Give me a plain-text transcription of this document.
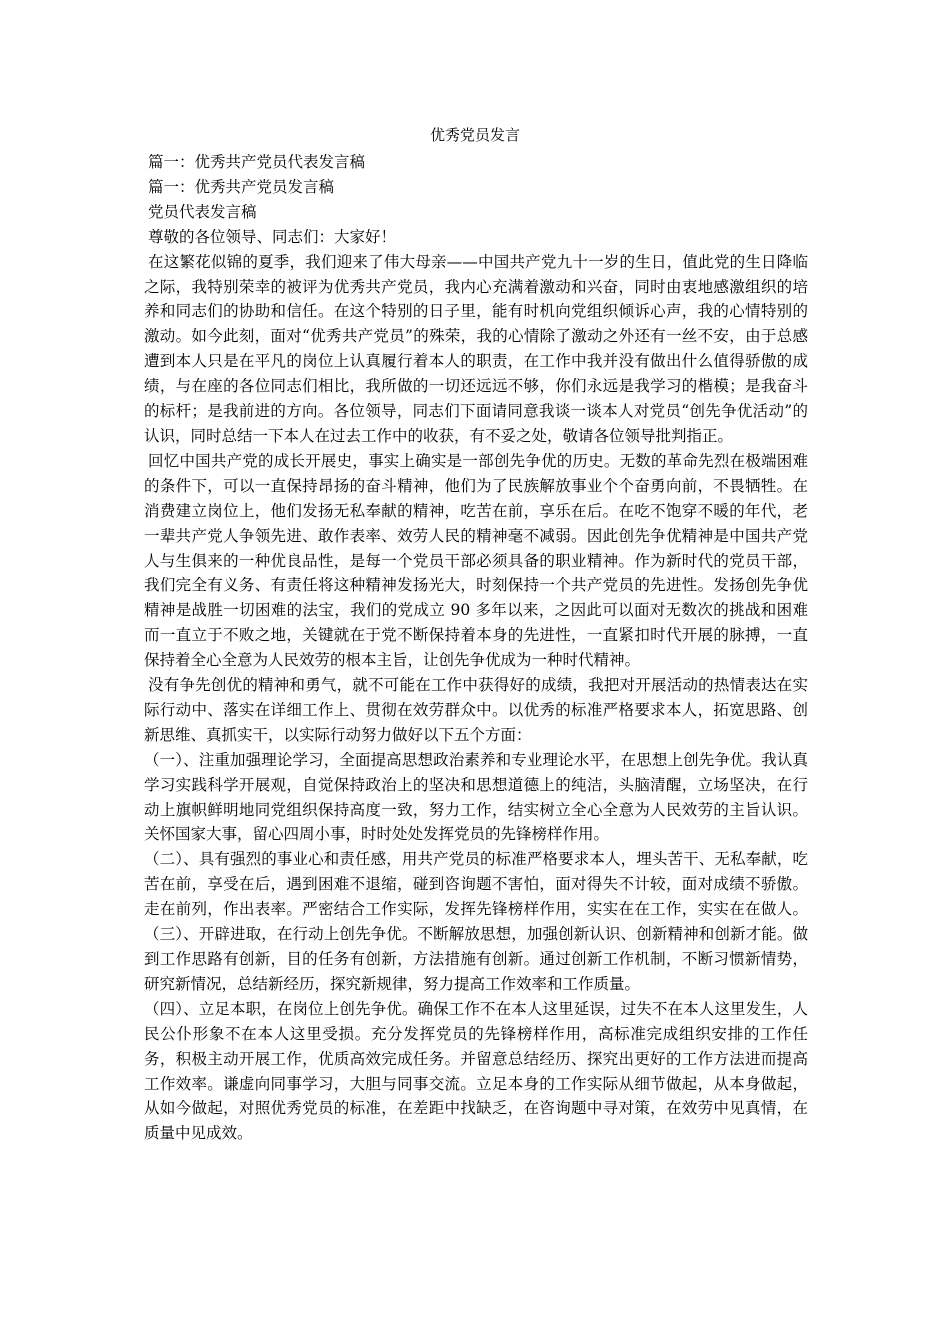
优秀党员发言

篇一：优秀共产党员代表发言稿

篇一：优秀共产党员发言稿

党员代表发言稿

尊敬的各位领导、同志们：大家好！

在这繁花似锦的夏季，我们迎来了伟大母亲——中国共产党九十一岁的生日，值此党的生日降临之际，我特别荣幸的被评为优秀共产党员，我内心充满着激动和兴奋，同时由衷地感激组织的培养和同志们的协助和信任。在这个特别的日子里，能有时机向党组织倾诉心声，我的心情特别的激动。如今此刻，面对“优秀共产党员”的殊荣，我的心情除了激动之外还有一丝不安，由于总感遭到本人只是在平凡的岗位上认真履行着本人的职责，在工作中我并没有做出什么值得骄傲的成绩，与在座的各位同志们相比，我所做的一切还远远不够，你们永远是我学习的楷模；是我奋斗的标杆；是我前进的方向。各位领导，同志们下面请同意我谈一谈本人对党员“创先争优活动”的认识，同时总结一下本人在过去工作中的收获，有不妥之处，敬请各位领导批判指正。

回忆中国共产党的成长开展史，事实上确实是一部创先争优的历史。无数的革命先烈在极端困难的条件下，可以一直保持昂扬的奋斗精神，他们为了民族解放事业个个奋勇向前，不畏牺牲。在消费建立岗位上，他们发扬无私奉献的精神，吃苦在前，享乐在后。在吃不饱穿不暖的年代，老一辈共产党人争领先进、敢作表率、效劳人民的精神毫不减弱。因此创先争优精神是中国共产党人与生俱来的一种优良品性，是每一个党员干部必须具备的职业精神。作为新时代的党员干部，我们完全有义务、有责任将这种精神发扬光大，时刻保持一个共产党员的先进性。发扬创先争优精神是战胜一切困难的法宝，我们的党成立 90 多年以来，之因此可以面对无数次的挑战和困难而一直立于不败之地，关键就在于党不断保持着本身的先进性，一直紧扣时代开展的脉搏，一直保持着全心全意为人民效劳的根本主旨，让创先争优成为一种时代精神。

没有争先创优的精神和勇气，就不可能在工作中获得好的成绩，我把对开展活动的热情表达在实际行动中、落实在详细工作上、贯彻在效劳群众中。以优秀的标准严格要求本人，拓宽思路、创新思维、真抓实干，以实际行动努力做好以下五个方面：

（一）、注重加强理论学习，全面提高思想政治素养和专业理论水平，在思想上创先争优。我认真学习实践科学开展观，自觉保持政治上的坚决和思想道德上的纯洁，头脑清醒，立场坚决，在行动上旗帜鲜明地同党组织保持高度一致，努力工作，结实树立全心全意为人民效劳的主旨认识。关怀国家大事，留心四周小事，时时处处发挥党员的先锋榜样作用。

（二）、具有强烈的事业心和责任感，用共产党员的标准严格要求本人，埋头苦干、无私奉献，吃苦在前，享受在后，遇到困难不退缩，碰到咨询题不害怕，面对得失不计较，面对成绩不骄傲。走在前列，作出表率。严密结合工作实际，发挥先锋榜样作用，实实在在工作，实实在在做人。（三）、开辟进取，在行动上创先争优。不断解放思想，加强创新认识、创新精神和创新才能。做到工作思路有创新，目的任务有创新，方法措施有创新。通过创新工作机制，不断习惯新情势，研究新情况，总结新经历，探究新规律，努力提高工作效率和工作质量。

（四）、立足本职，在岗位上创先争优。确保工作不在本人这里延误，过失不在本人这里发生，人民公仆形象不在本人这里受损。充分发挥党员的先锋榜样作用，高标准完成组织安排的工作任务，积极主动开展工作，优质高效完成任务。并留意总结经历、探究出更好的工作方法进而提高工作效率。谦虚向同事学习，大胆与同事交流。立足本身的工作实际从细节做起，从本身做起，从如今做起，对照优秀党员的标准，在差距中找缺乏，在咨询题中寻对策，在效劳中见真情，在质量中见成效。
